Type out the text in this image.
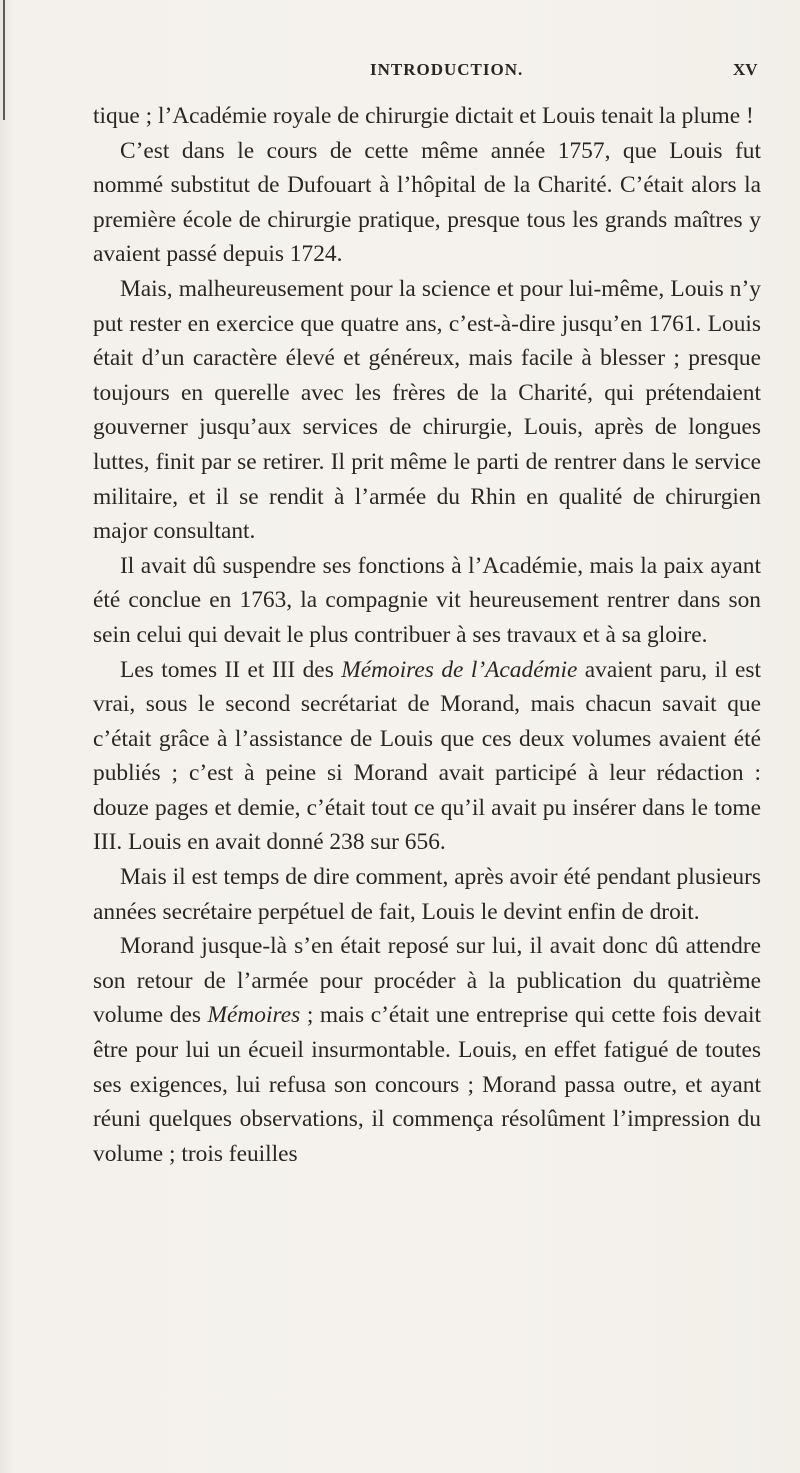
INTRODUCTION.	XV

tique ; l’Académie royale de chirurgie dictait et Louis tenait la plume !

C’est dans le cours de cette même année 1757, que Louis fut nommé substitut de Dufouart à l’hôpital de la Charité. C’était alors la première école de chirurgie pratique, presque tous les grands maîtres y avaient passé depuis 1724.

Mais, malheureusement pour la science et pour lui-même, Louis n’y put rester en exercice que quatre ans, c’est-à-dire jusqu’en 1761. Louis était d’un caractère élevé et généreux, mais facile à blesser ; presque toujours en querelle avec les frères de la Charité, qui prétendaient gouverner jusqu’aux services de chirurgie, Louis, après de longues luttes, finit par se retirer. Il prit même le parti de rentrer dans le service militaire, et il se rendit à l’armée du Rhin en qualité de chirurgien major consultant.

Il avait dû suspendre ses fonctions à l’Académie, mais la paix ayant été conclue en 1763, la compagnie vit heureusement rentrer dans son sein celui qui devait le plus contribuer à ses travaux et à sa gloire.

Les tomes II et III des Mémoires de l’Académie avaient paru, il est vrai, sous le second secrétariat de Morand, mais chacun savait que c’était grâce à l’assistance de Louis que ces deux volumes avaient été publiés ; c’est à peine si Morand avait participé à leur rédaction : douze pages et demie, c’était tout ce qu’il avait pu insérer dans le tome III. Louis en avait donné 238 sur 656.

Mais il est temps de dire comment, après avoir été pendant plusieurs années secrétaire perpétuel de fait, Louis le devint enfin de droit.

Morand jusque-là s’en était reposé sur lui, il avait donc dû attendre son retour de l’armée pour procéder à la publication du quatrième volume des Mémoires ; mais c’était une entreprise qui cette fois devait être pour lui un écueil insurmontable. Louis, en effet fatigué de toutes ses exigences, lui refusa son concours ; Morand passa outre, et ayant réuni quelques observations, il commença résolûment l’impression du volume ; trois feuilles
